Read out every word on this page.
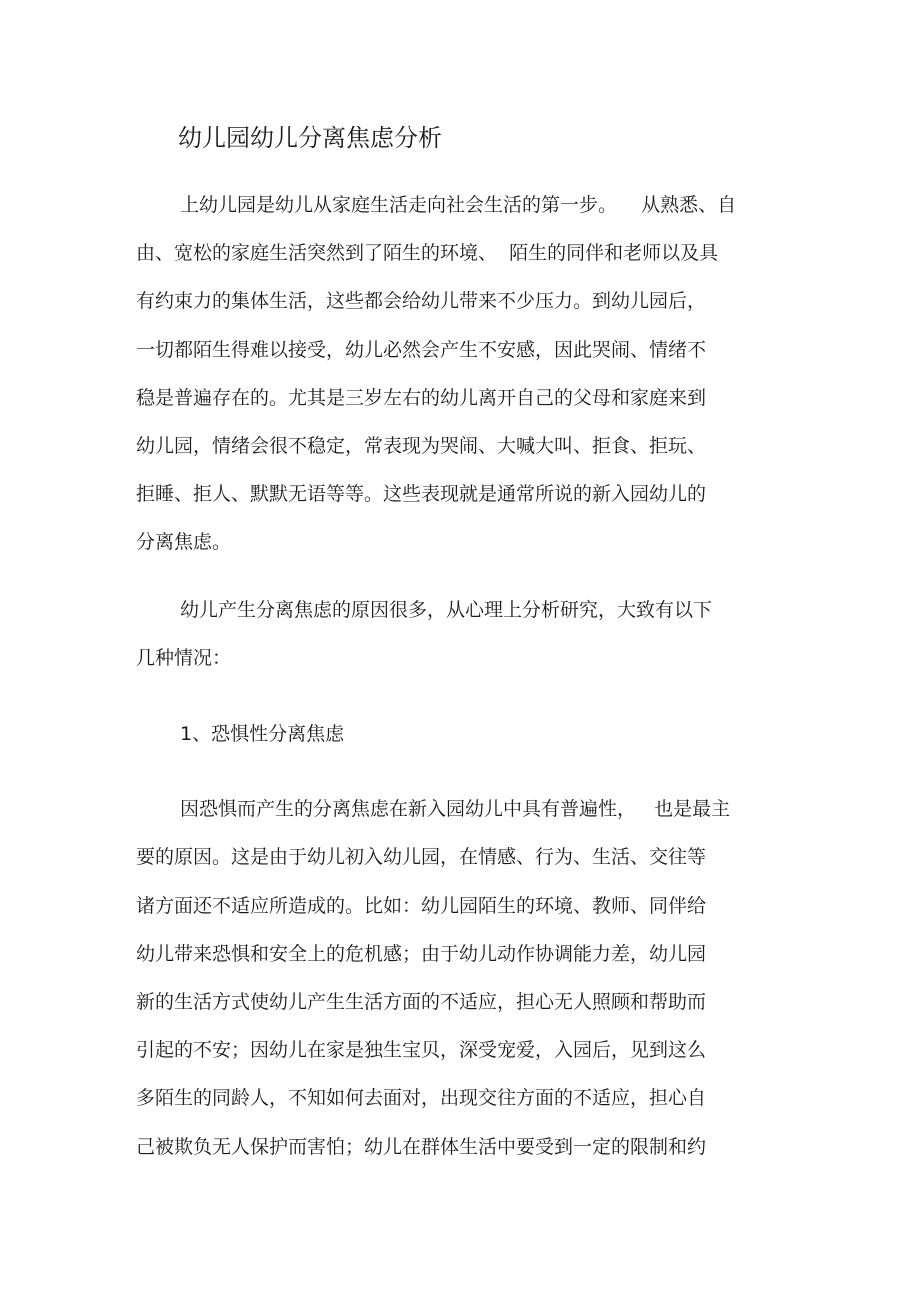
幼儿园幼儿分离焦虑分析
上幼儿园是幼儿从家庭生活走向社会生活的第一步。    从熟悉、自
由、宽松的家庭生活突然到了陌生的环境、  陌生的同伴和老师以及具
有约束力的集体生活，这些都会给幼儿带来不少压力。到幼儿园后，
一切都陌生得难以接受，幼儿必然会产生不安感，因此哭闹、情绪不
稳是普遍存在的。尤其是三岁左右的幼儿离开自己的父母和家庭来到
幼儿园，情绪会很不稳定，常表现为哭闹、大喊大叫、拒食、拒玩、
拒睡、拒人、默默无语等等。这些表现就是通常所说的新入园幼儿的
分离焦虑。
幼儿产生分离焦虑的原因很多，从心理上分析研究，大致有以下
几种情况：
1、恐惧性分离焦虑
因恐惧而产生的分离焦虑在新入园幼儿中具有普遍性，   也是最主
要的原因。这是由于幼儿初入幼儿园，在情感、行为、生活、交往等
诸方面还不适应所造成的。比如：幼儿园陌生的环境、教师、同伴给
幼儿带来恐惧和安全上的危机感；由于幼儿动作协调能力差，幼儿园
新的生活方式使幼儿产生生活方面的不适应，担心无人照顾和帮助而
引起的不安；因幼儿在家是独生宝贝，深受宠爱，入园后，见到这么
多陌生的同龄人，不知如何去面对，出现交往方面的不适应，担心自
己被欺负无人保护而害怕；幼儿在群体生活中要受到一定的限制和约
